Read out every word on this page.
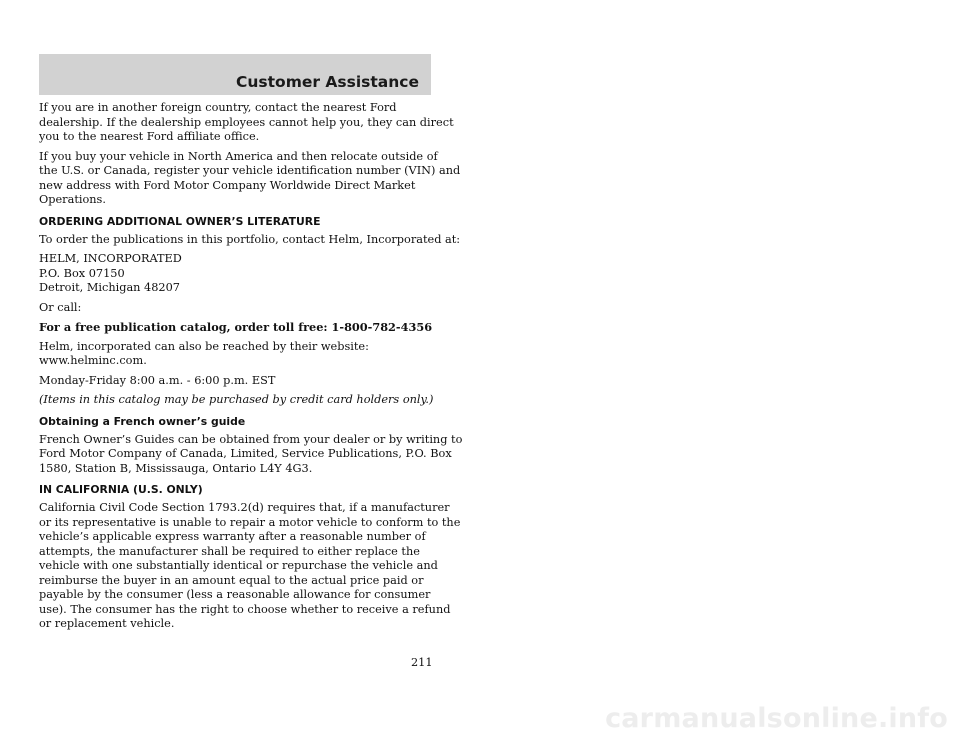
Customer Assistance

If you are in another foreign country, contact the nearest Ford
dealership. If the dealership employees cannot help you, they can direct
you to the nearest Ford affiliate office.

If you buy your vehicle in North America and then relocate outside of
the U.S. or Canada, register your vehicle identification number (VIN) and
new address with Ford Motor Company Worldwide Direct Market
Operations.

ORDERING ADDITIONAL OWNER’S LITERATURE

To order the publications in this portfolio, contact Helm, Incorporated at:

HELM, INCORPORATED
P.O. Box 07150
Detroit, Michigan 48207

Or call:

For a free publication catalog, order toll free: 1-800-782-4356

Helm, incorporated can also be reached by their website:
www.helminc.com.

Monday-Friday 8:00 a.m. - 6:00 p.m. EST

(Items in this catalog may be purchased by credit card holders only.)

Obtaining a French owner’s guide

French Owner’s Guides can be obtained from your dealer or by writing to
Ford Motor Company of Canada, Limited, Service Publications, P.O. Box
1580, Station B, Mississauga, Ontario L4Y 4G3.

IN CALIFORNIA (U.S. ONLY)

California Civil Code Section 1793.2(d) requires that, if a manufacturer
or its representative is unable to repair a motor vehicle to conform to the
vehicle’s applicable express warranty after a reasonable number of
attempts, the manufacturer shall be required to either replace the
vehicle with one substantially identical or repurchase the vehicle and
reimburse the buyer in an amount equal to the actual price paid or
payable by the consumer (less a reasonable allowance for consumer
use). The consumer has the right to choose whether to receive a refund
or replacement vehicle.

211
carmanualsonline.info
